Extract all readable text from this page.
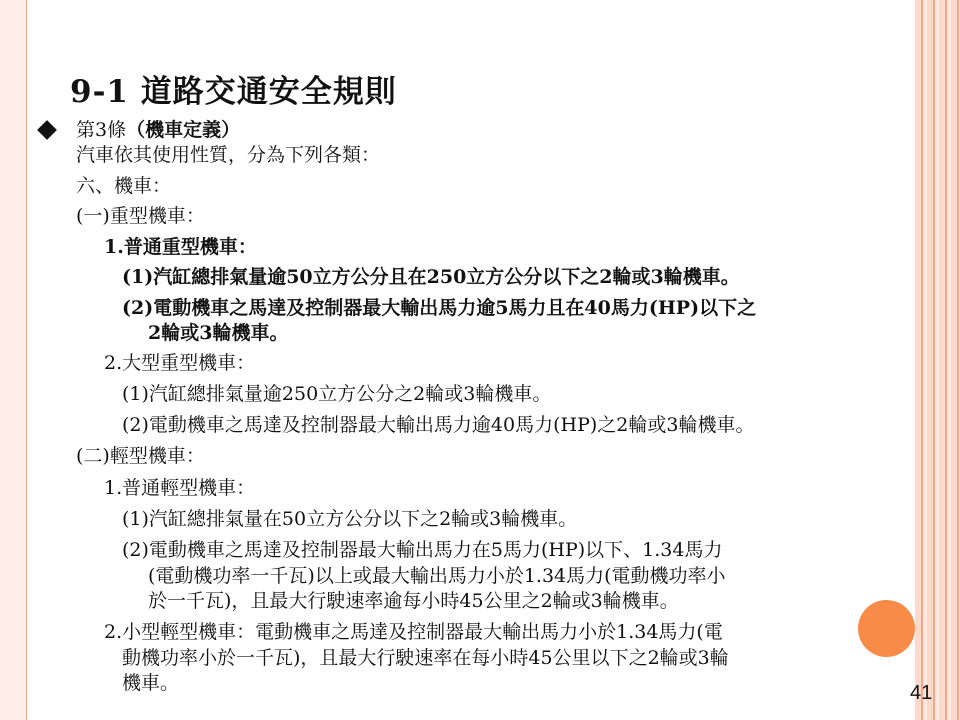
9-1 道路交通安全規則
第3條（機車定義）
汽車依其使用性質，分為下列各類：
六、機車：
(一)重型機車：
1.普通重型機車：
(1)汽缸總排氣量逾50立方公分且在250立方公分以下之2輪或3輪機車。
(2)電動機車之馬達及控制器最大輸出馬力逾5馬力且在40馬力(HP)以下之
2輪或3輪機車。
2.大型重型機車：
(1)汽缸總排氣量逾250立方公分之2輪或3輪機車。
(2)電動機車之馬達及控制器最大輸出馬力逾40馬力(HP)之2輪或3輪機車。
(二)輕型機車：
1.普通輕型機車：
(1)汽缸總排氣量在50立方公分以下之2輪或3輪機車。
(2)電動機車之馬達及控制器最大輸出馬力在5馬力(HP)以下、1.34馬力
(電動機功率一千瓦)以上或最大輸出馬力小於1.34馬力(電動機功率小
於一千瓦)，且最大行駛速率逾每小時45公里之2輪或3輪機車。
2.小型輕型機車：電動機車之馬達及控制器最大輸出馬力小於1.34馬力(電
動機功率小於一千瓦)，且最大行駛速率在每小時45公里以下之2輪或3輪
機車。	41
